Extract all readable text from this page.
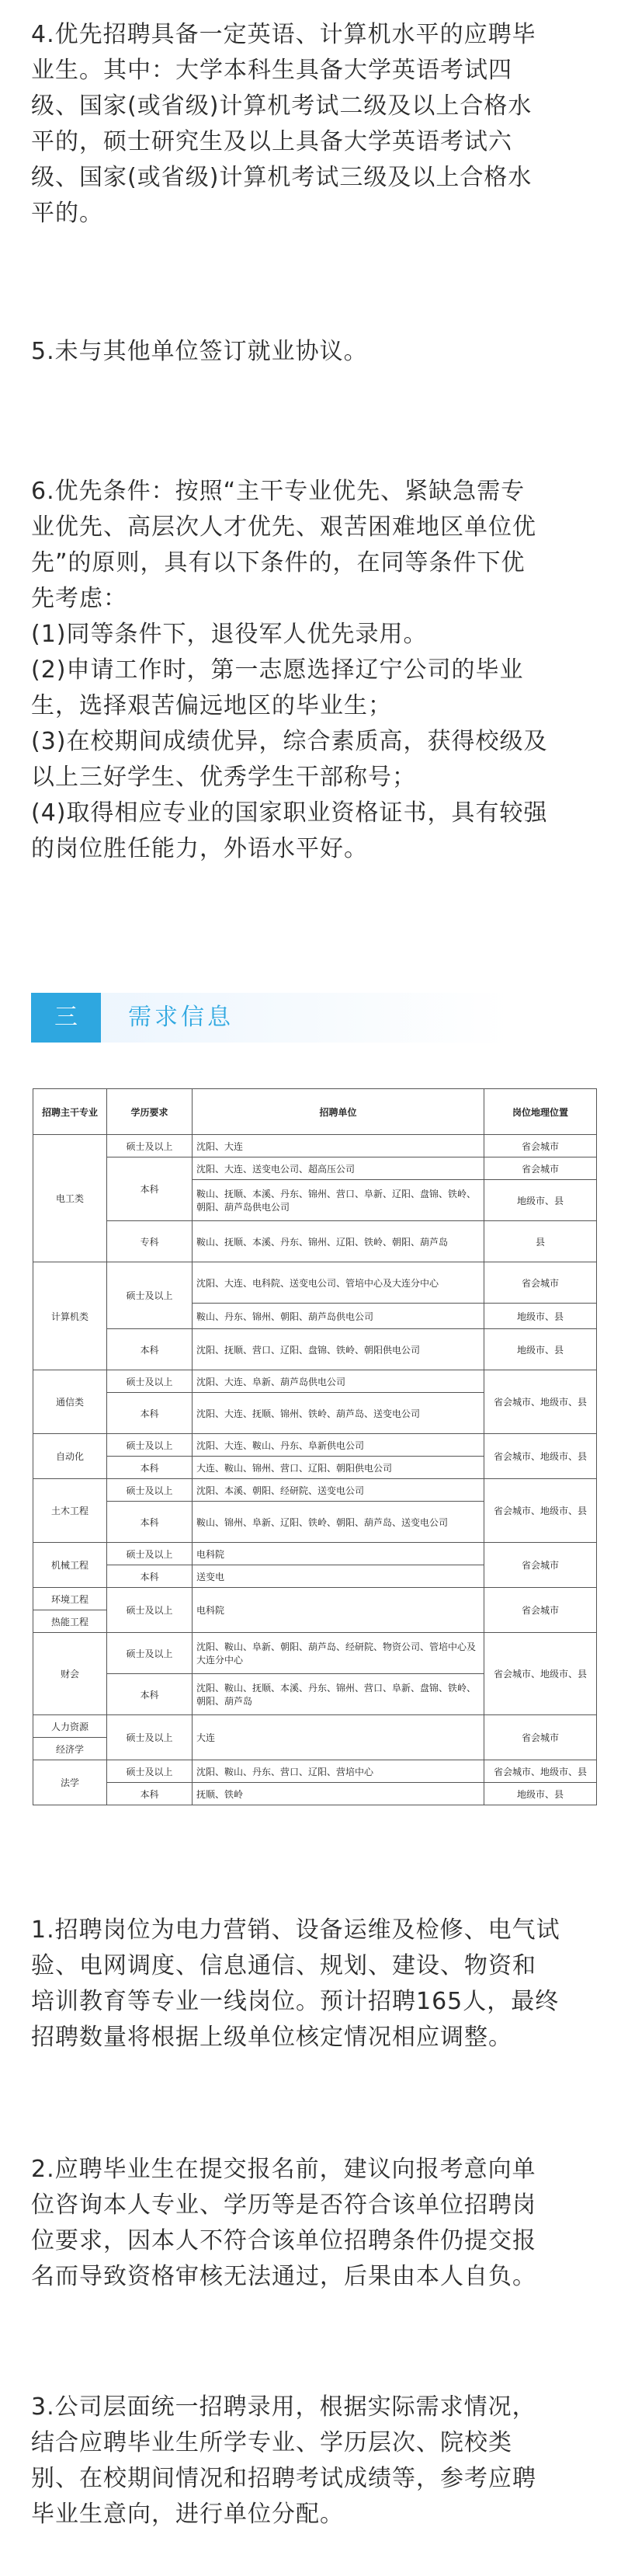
4.优先招聘具备一定英语、计算机水平的应聘毕
业生。其中：大学本科生具备大学英语考试四
级、国家(或省级)计算机考试二级及以上合格水
平的，硕士研究生及以上具备大学英语考试六
级、国家(或省级)计算机考试三级及以上合格水
平的。
5.未与其他单位签订就业协议。
6.优先条件：按照“主干专业优先、紧缺急需专
业优先、高层次人才优先、艰苦困难地区单位优
先”的原则，具有以下条件的，在同等条件下优
先考虑：
(1)同等条件下，退役军人优先录用。
(2)申请工作时，第一志愿选择辽宁公司的毕业
生，选择艰苦偏远地区的毕业生；
(3)在校期间成绩优异，综合素质高，获得校级及
以上三好学生、优秀学生干部称号；
(4)取得相应专业的国家职业资格证书，具有较强
的岗位胜任能力，外语水平好。
三	需求信息
招聘主干专业	学历要求	招聘单位	岗位地理位置
电工类	硕士及以上	沈阳、大连	省会城市
	本科	沈阳、大连、送变电公司、超高压公司	省会城市
		鞍山、抚顺、本溪、丹东、锦州、营口、阜新、辽阳、盘锦、铁岭、朝阳、葫芦岛供电公司	地级市、县
	专科	鞍山、抚顺、本溪、丹东、锦州、辽阳、铁岭、朝阳、葫芦岛	县
计算机类	硕士及以上	沈阳、大连、电科院、送变电公司、管培中心及大连分中心	省会城市
		鞍山、丹东、锦州、朝阳、葫芦岛供电公司	地级市、县
	本科	沈阳、抚顺、营口、辽阳、盘锦、铁岭、朝阳供电公司	地级市、县
通信类	硕士及以上	沈阳、大连、阜新、葫芦岛供电公司	省会城市、地级市、县
	本科	沈阳、大连、抚顺、锦州、铁岭、葫芦岛、送变电公司	
自动化	硕士及以上	沈阳、大连、鞍山、丹东、阜新供电公司	省会城市、地级市、县
	本科	大连、鞍山、锦州、营口、辽阳、朝阳供电公司	
土木工程	硕士及以上	沈阳、本溪、朝阳、经研院、送变电公司	省会城市、地级市、县
	本科	鞍山、锦州、阜新、辽阳、铁岭、朝阳、葫芦岛、送变电公司	
机械工程	硕士及以上	电科院	省会城市
	本科	送变电	
环境工程	硕士及以上	电科院	省会城市
热能工程			
财会	硕士及以上	沈阳、鞍山、阜新、朝阳、葫芦岛、经研院、物资公司、管培中心及大连分中心	省会城市、地级市、县
	本科	沈阳、鞍山、抚顺、本溪、丹东、锦州、营口、阜新、盘锦、铁岭、朝阳、葫芦岛	
人力资源	硕士及以上	大连	省会城市
经济学			
法学	硕士及以上	沈阳、鞍山、丹东、营口、辽阳、营培中心	省会城市、地级市、县
	本科	抚顺、铁岭	地级市、县
1.招聘岗位为电力营销、设备运维及检修、电气试
验、电网调度、信息通信、规划、建设、物资和
培训教育等专业一线岗位。预计招聘165人，最终
招聘数量将根据上级单位核定情况相应调整。
2.应聘毕业生在提交报名前，建议向报考意向单
位咨询本人专业、学历等是否符合该单位招聘岗
位要求，因本人不符合该单位招聘条件仍提交报
名而导致资格审核无法通过，后果由本人自负。
3.公司层面统一招聘录用，根据实际需求情况，
结合应聘毕业生所学专业、学历层次、院校类
别、在校期间情况和招聘考试成绩等，参考应聘
毕业生意向，进行单位分配。
